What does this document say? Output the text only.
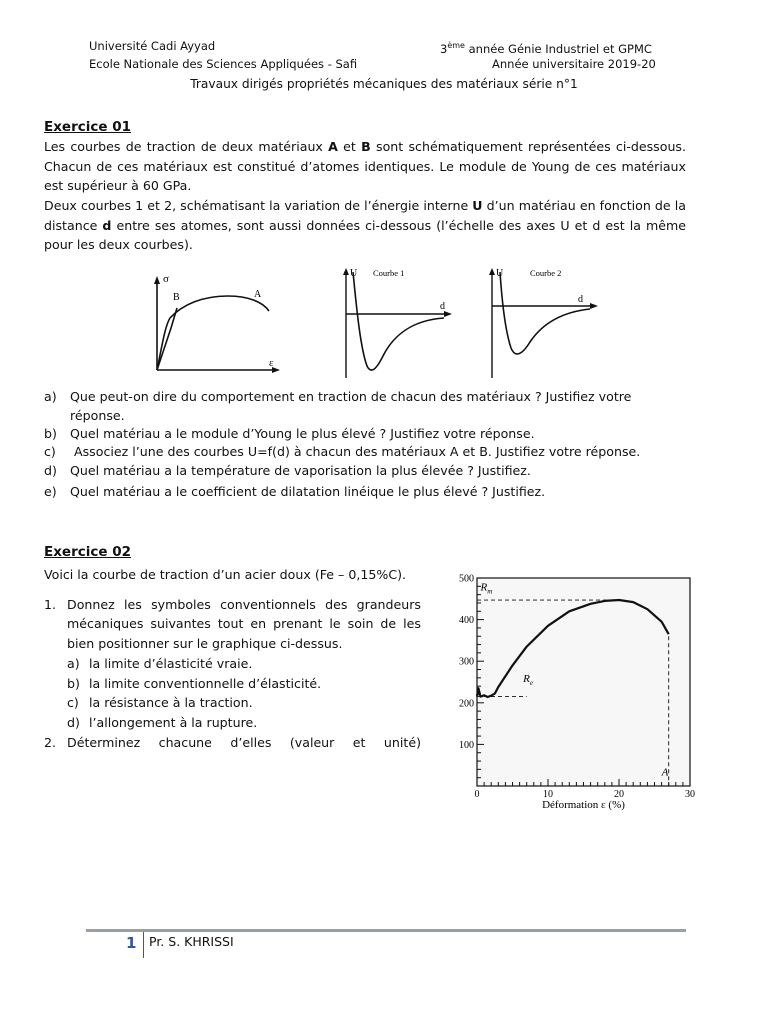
Université Cadi Ayyad
Ecole Nationale des Sciences Appliquées - Safi
3ème année Génie Industriel et GPMC
Année universitaire 2019-20
Travaux dirigés propriétés mécaniques des matériaux série n°1
Exercice 01
Les courbes de traction de deux matériaux A et B sont schématiquement représentées ci-dessous. Chacun de ces matériaux est constitué d’atomes identiques. Le module de Young de ces matériaux est supérieur à 60 GPa.
Deux courbes 1 et 2, schématisant la variation de l’énergie interne U d’un matériau en fonction de la distance d entre ses atomes, sont aussi données ci-dessous (l’échelle des axes U et d est la même pour les deux courbes).
σ
ε
B	A
U
d
Courbe 1	U
d
Courbe 2
a) Que peut-on dire du comportement en traction de chacun des matériaux ? Justifiez votre
réponse.
b) Quel matériau a le module d’Young le plus élevé ? Justifiez votre réponse.
c) Associez l’une des courbes U=f(d) à chacun des matériaux A et B. Justifiez votre réponse.
d) Quel matériau a la température de vaporisation la plus élevée ? Justifiez.
e) Quel matériau a le coefficient de dilatation linéique le plus élevé ? Justifiez.
Exercice 02
Voici la courbe de traction d’un acier doux (Fe – 0,15%C).
1. Donnez les symboles conventionnels des grandeurs
mécaniques suivantes tout en prenant le soin de les
bien positionner sur le graphique ci-dessus.
a) la limite d’élasticité vraie.
b) la limite conventionnelle d’élasticité.
c) la résistance à la traction.
d) l’allongement à la rupture.
2. Déterminez chacune d’elles (valeur et unité)
0	10	20	30
100
200
300
400
500
$R_m$
$R_e$
A
Déformation ε (%)
1 Pr. S. KHRISSI
